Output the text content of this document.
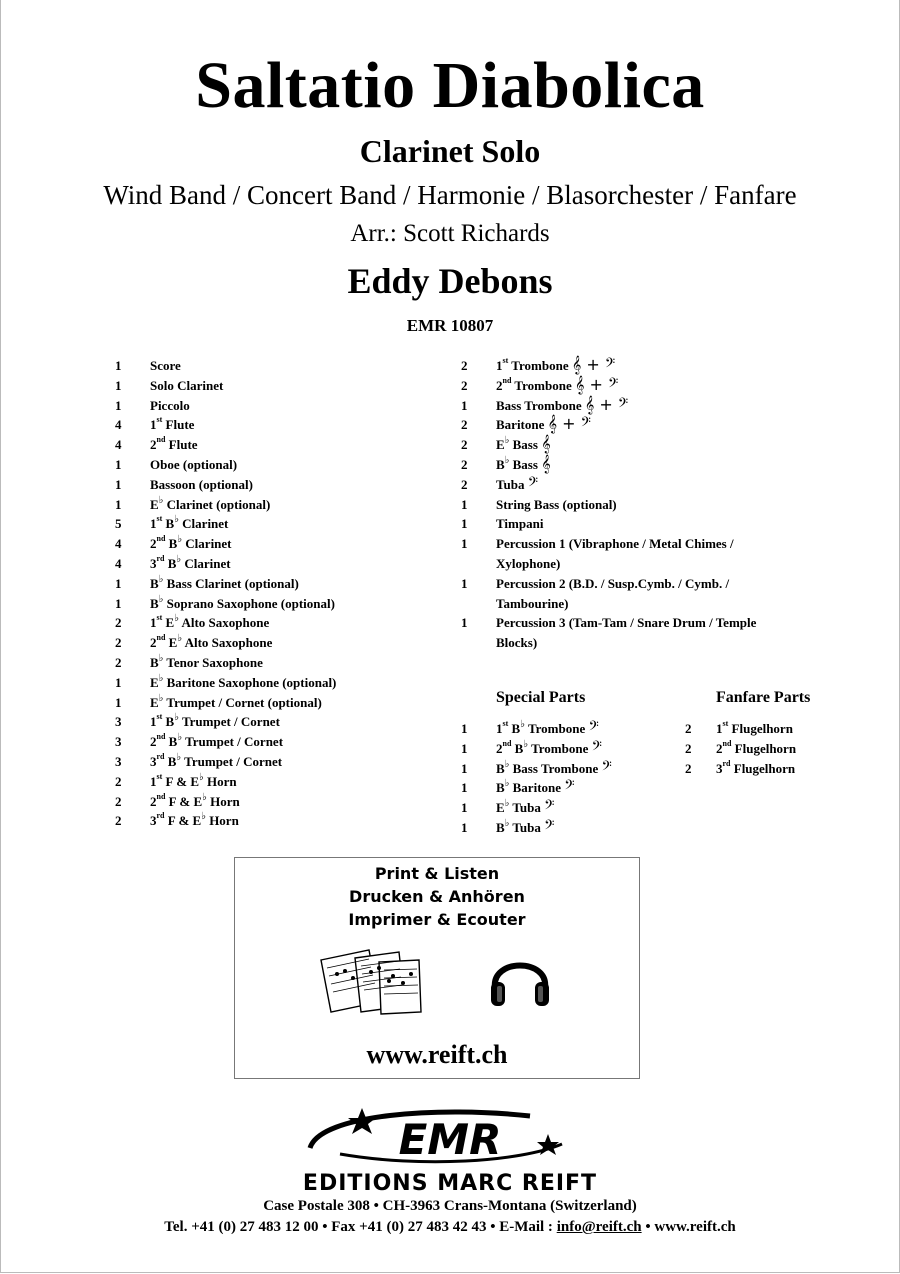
Saltatio Diabolica
Clarinet Solo
Wind Band / Concert Band / Harmonie / Blasorchester / Fanfare
Arr.: Scott Richards
Eddy Debons
EMR 10807
1 Score
1 Solo Clarinet
1 Piccolo
4 1st Flute
4 2nd Flute
1 Oboe (optional)
1 Bassoon (optional)
1 E♭ Clarinet (optional)
5 1st B♭ Clarinet
4 2nd B♭ Clarinet
4 3rd B♭ Clarinet
1 B♭ Bass Clarinet (optional)
1 B♭ Soprano Saxophone (optional)
2 1st E♭ Alto Saxophone
2 2nd E♭ Alto Saxophone
2 B♭ Tenor Saxophone
1 E♭ Baritone Saxophone (optional)
1 E♭ Trumpet / Cornet (optional)
3 1st B♭ Trumpet / Cornet
3 2nd B♭ Trumpet / Cornet
3 3rd B♭ Trumpet / Cornet
2 1st F & E♭ Horn
2 2nd F & E♭ Horn
2 3rd F & E♭ Horn
2 1st Trombone 𝄞 + 𝄢
2 2nd Trombone 𝄞 + 𝄢
1 Bass Trombone 𝄞 + 𝄢
2 Baritone 𝄞 + 𝄢
2 E♭ Bass 𝄞
2 B♭ Bass 𝄞
2 Tuba 𝄢
1 String Bass (optional)
1 Timpani
1 Percussion 1 (Vibraphone / Metal Chimes / Xylophone)
1 Percussion 2 (B.D. / Susp.Cymb. / Cymb. / Tambourine)
1 Percussion 3 (Tam-Tam / Snare Drum / Temple Blocks)
Special Parts	Fanfare Parts
1 1st B♭ Trombone 𝄢
1 2nd B♭ Trombone 𝄢
1 B♭ Bass Trombone 𝄢
1 B♭ Baritone 𝄢
1 E♭ Tuba 𝄢
1 B♭ Tuba 𝄢
2 1st Flugelhorn
2 2nd Flugelhorn
2 3rd Flugelhorn
Print & Listen
Drucken & Anhören
Imprimer & Ecouter
www.reift.ch
EMR
EDITIONS MARC REIFT
Case Postale 308 • CH-3963 Crans-Montana (Switzerland)
Tel. +41 (0) 27 483 12 00 • Fax +41 (0) 27 483 42 43 • E-Mail : info@reift.ch • www.reift.ch
